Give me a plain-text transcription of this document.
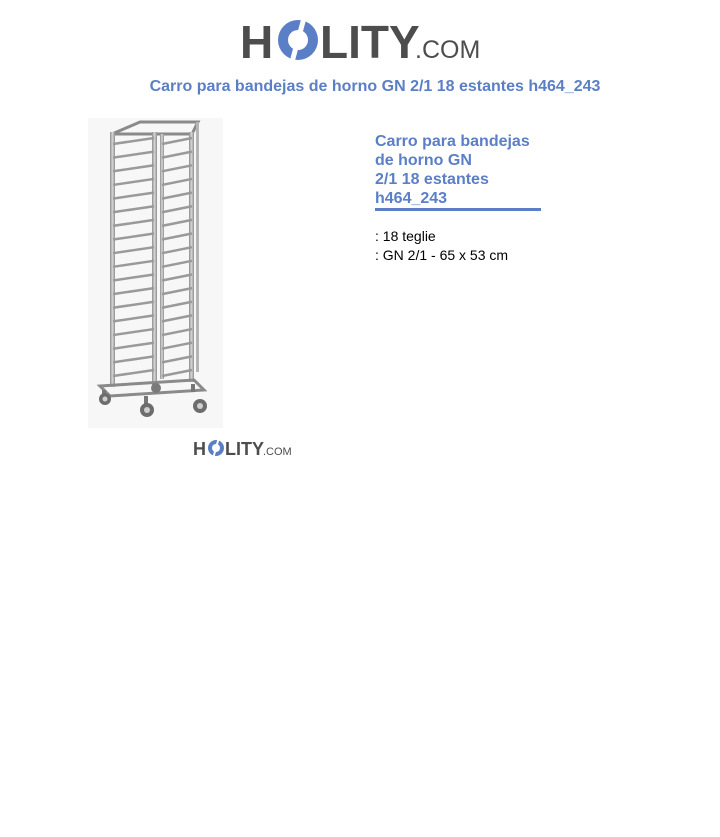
H LITY
.COM
Carro para bandejas de horno GN 2/1 18 estantes h464_243
H LITY .COM
Carro para bandejas
de horno GN
2/1 18 estantes
h464_243
: 18 teglie
: GN 2/1 - 65 x 53 cm
